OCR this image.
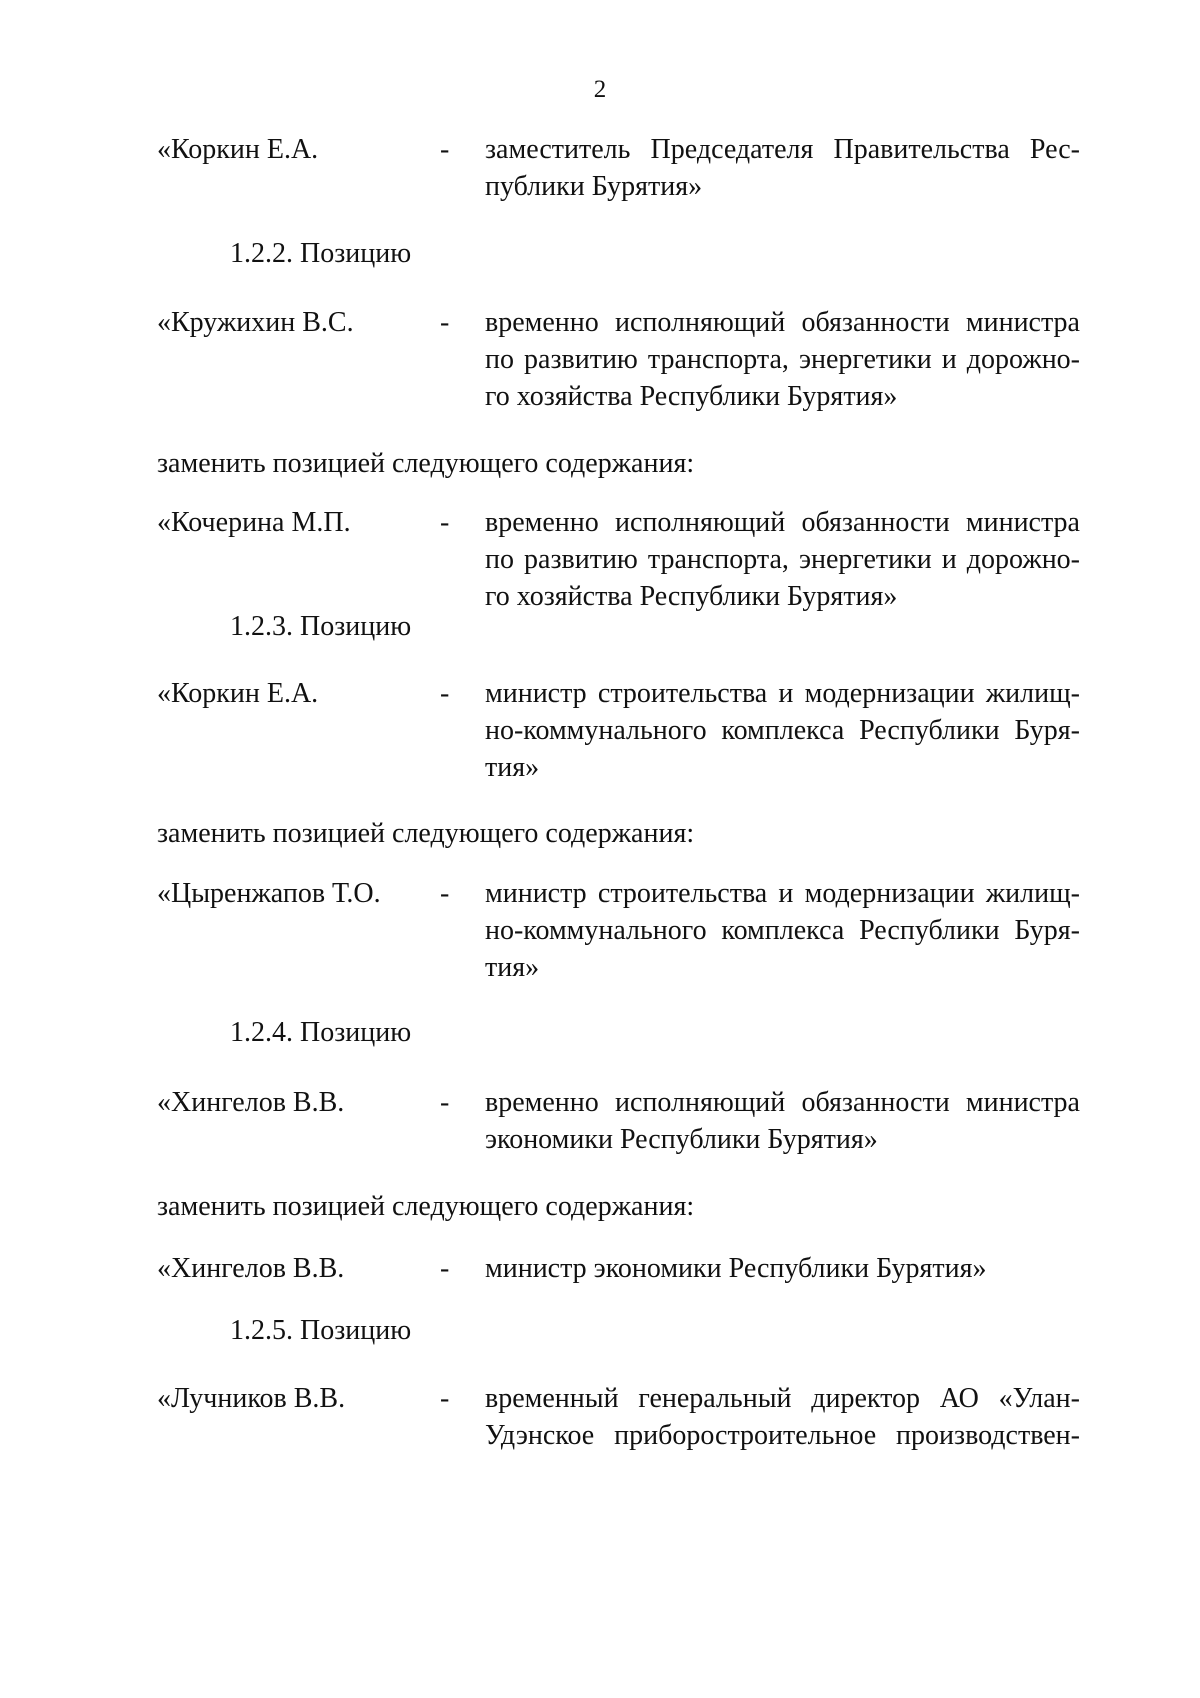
2
«Коркин Е.А.	- заместитель Председателя Правительства Рес-
публики Бурятия»
1.2.2. Позицию
«Кружихин В.С.	- временно исполняющий обязанности министра
по развитию транспорта, энергетики и дорожно-
го хозяйства Республики Бурятия»
заменить позицией следующего содержания:
«Кочерина М.П.	- временно исполняющий обязанности министра
по развитию транспорта, энергетики и дорожно-
го хозяйства Республики Бурятия»
1.2.3. Позицию
«Коркин Е.А.	- министр строительства и модернизации жилищ-
но-коммунального комплекса Республики Буря-
тия»
заменить позицией следующего содержания:
«Цыренжапов Т.О. - министр строительства и модернизации жилищ-
но-коммунального комплекса Республики Буря-
тия»
1.2.4. Позицию
«Хингелов В.В.	- временно исполняющий обязанности министра
экономики Республики Бурятия»
заменить позицией следующего содержания:
«Хингелов В.В.	- министр экономики Республики Бурятия»
1.2.5. Позицию
«Лучников В.В.	- временный генеральный директор АО «Улан-
Удэнское приборостроительное производствен-
